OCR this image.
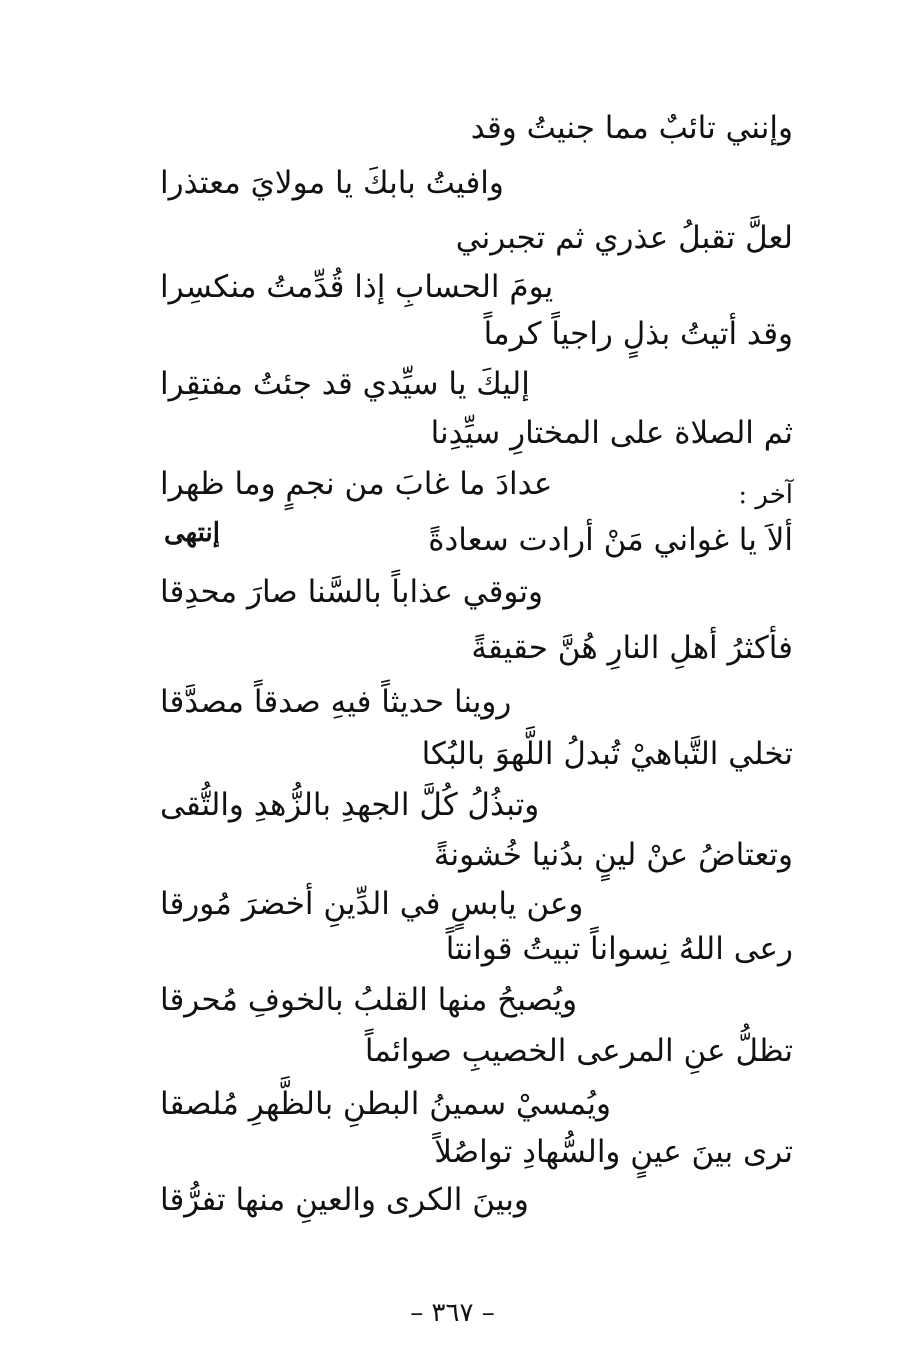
وإنني تائبٌ مما جنيتُ وقد
وافيتُ بابكَ يا مولايَ معتذرا
لعلَّ تقبلُ عذري ثم تجبرني
يومَ الحسابِ إذا قُدِّمتُ منكسِرا
وقد أتيتُ بذلٍ راجياً كرماً
إليكَ يا سيِّدي قد جئتُ مفتقِرا
ثم الصلاة على المختارِ سيِّدِنا
عدادَ ما غابَ من نجمٍ وما ظهرا	آخر :
إنتهى	ألاَ يا غواني مَنْ أرادت سعادةً
وتوقي عذاباً بالسَّنا صارَ محدِقا
فأكثرُ أهلِ النارِ هُنَّ حقيقةً
روينا حديثاً فيهِ صدقاً مصدَّقا
تخلي التَّباهيْ تُبدلُ اللَّهوَ بالبُكا
وتبذُلُ كُلَّ الجهدِ بالزُّهدِ والتُّقى
وتعتاضُ عنْ لينٍ بدُنيا خُشونةً
وعن يابسٍ في الدِّينِ أخضرَ مُورقا
رعى اللهُ نِسواناً تبيتُ قوانتاً
ويُصبحُ منها القلبُ بالخوفِ مُحرقا
تظلُّ عنِ المرعى الخصيبِ صوائماً
ويُمسيْ سمينُ البطنِ بالظَّهرِ مُلصقا
ترى بينَ عينٍ والسُّهادِ تواصُلاً
وبينَ الكرى والعينِ منها تفرُّقا
– ٣٦٧ –
